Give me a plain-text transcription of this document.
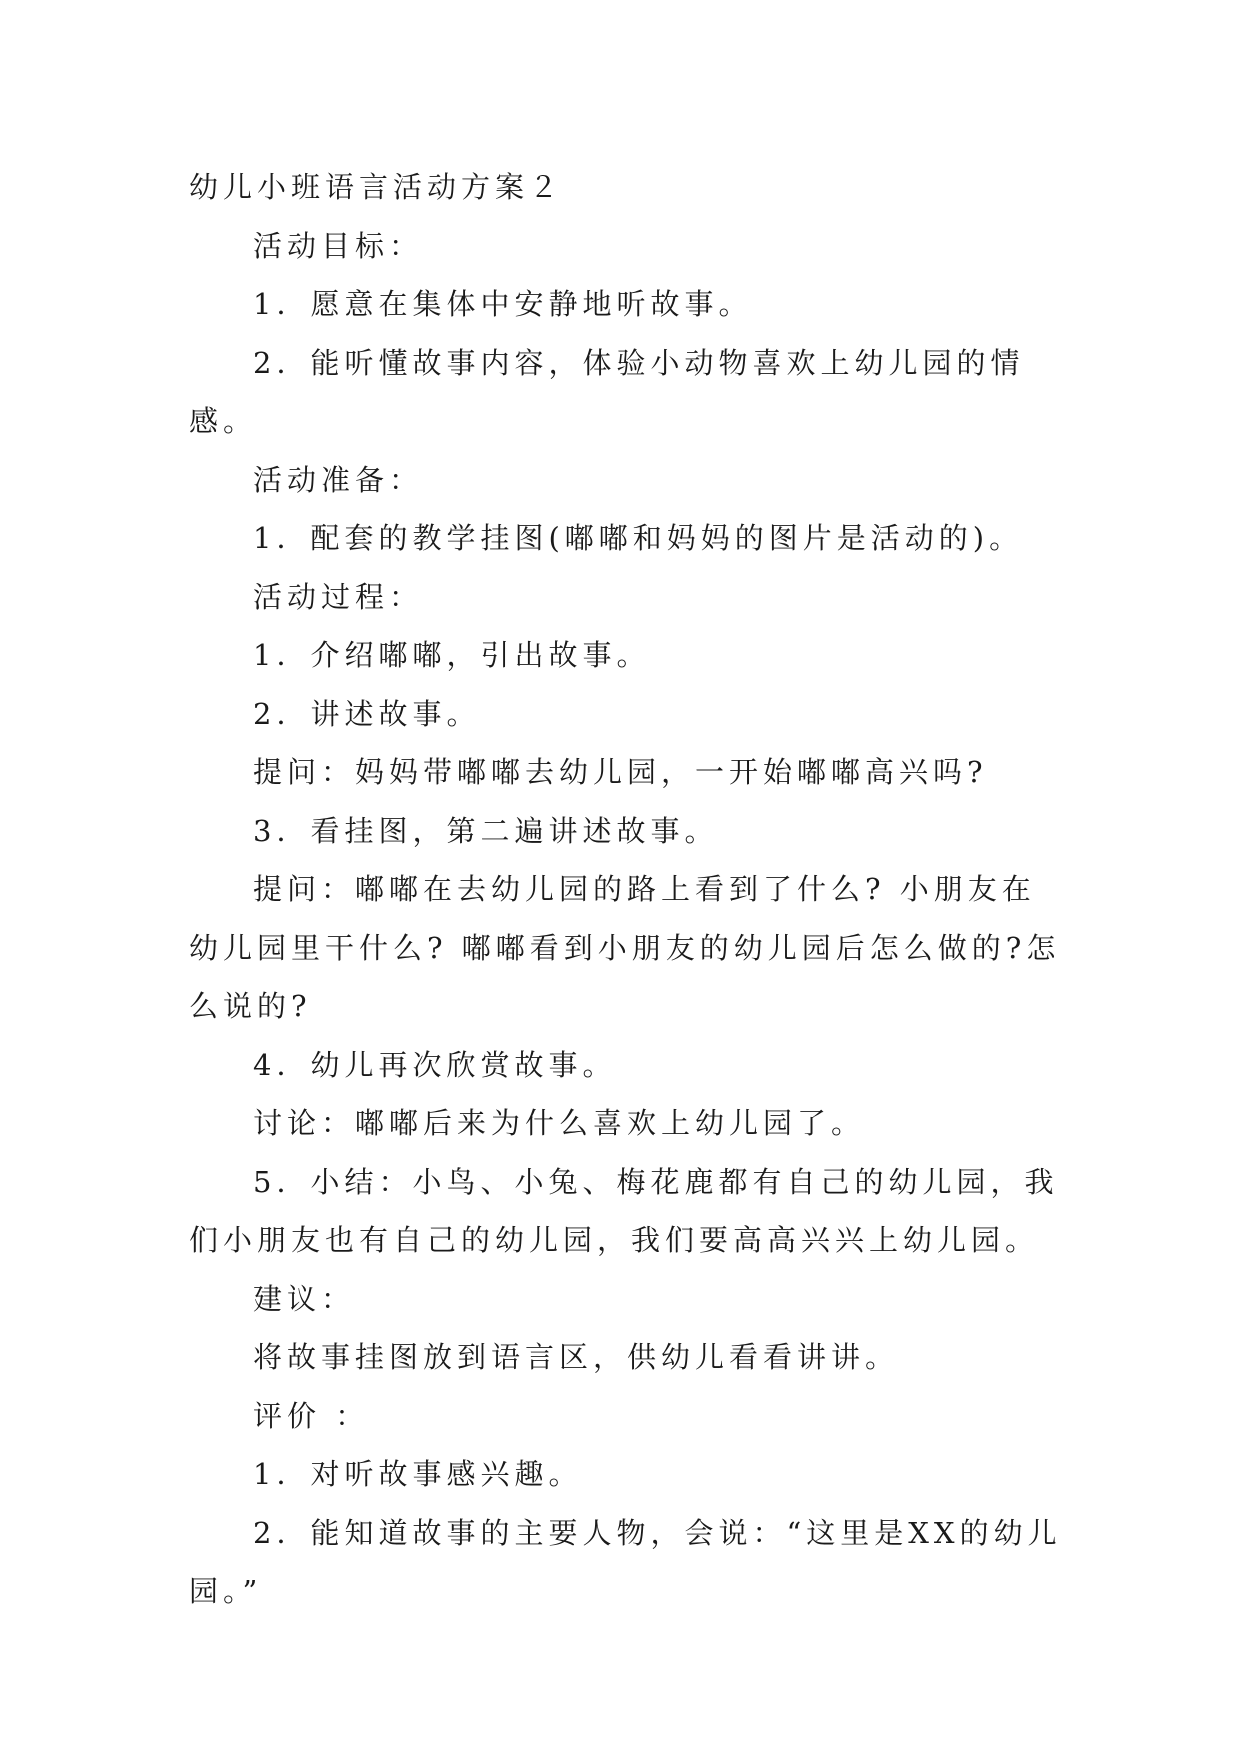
幼儿小班语言活动方案２

活动目标：

1．愿意在集体中安静地听故事。

2．能听懂故事内容，体验小动物喜欢上幼儿园的情感。

活动准备：

1．配套的教学挂图(嘟嘟和妈妈的图片是活动的)。

活动过程：

1．介绍嘟嘟，引出故事。

2．讲述故事。

提问：妈妈带嘟嘟去幼儿园，一开始嘟嘟高兴吗?

3．看挂图，第二遍讲述故事。

提问：嘟嘟在去幼儿园的路上看到了什么? 小朋友在幼儿园里干什么? 嘟嘟看到小朋友的幼儿园后怎么做的?怎么说的?

4．幼儿再次欣赏故事。

讨论：嘟嘟后来为什么喜欢上幼儿园了。

5．小结：小鸟、小兔、梅花鹿都有自己的幼儿园，我们小朋友也有自己的幼儿园，我们要高高兴兴上幼儿园。

建议：

将故事挂图放到语言区，供幼儿看看讲讲。

评价 ：

1．对听故事感兴趣。

2．能知道故事的主要人物，会说：“这里是XX的幼儿园。”
